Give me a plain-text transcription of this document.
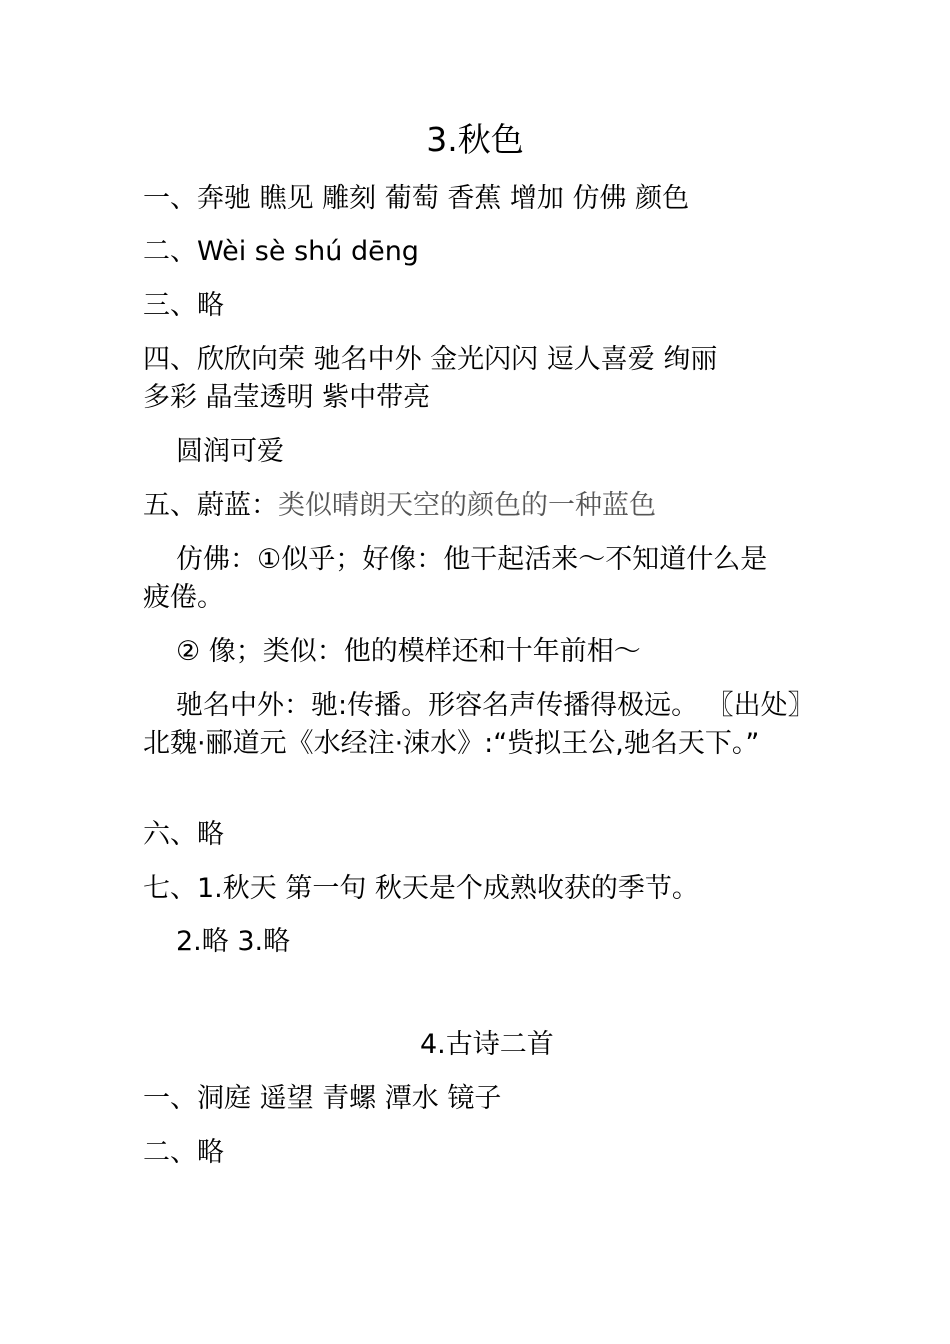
3.秋色
一、奔驰 瞧见 雕刻 葡萄 香蕉 增加 仿佛 颜色
二、Wèi sè shú dēng
三、略
四、欣欣向荣 驰名中外 金光闪闪 逗人喜爱 绚丽
多彩 晶莹透明 紫中带亮
圆润可爱
五、蔚蓝：类似晴朗天空的颜色的一种蓝色
仿佛：①似乎；好像：他干起活来～不知道什么是疲倦。
② 像；类似：他的模样还和十年前相～
驰名中外：驰:传播。形容名声传播得极远。 〖出处〗北魏·郦道元《水经注·涑水》:“赀拟王公,驰名天下。”
六、略
七、1.秋天 第一句 秋天是个成熟收获的季节。
2.略 3.略
4.古诗二首
一、洞庭 遥望 青螺 潭水 镜子
二、略
